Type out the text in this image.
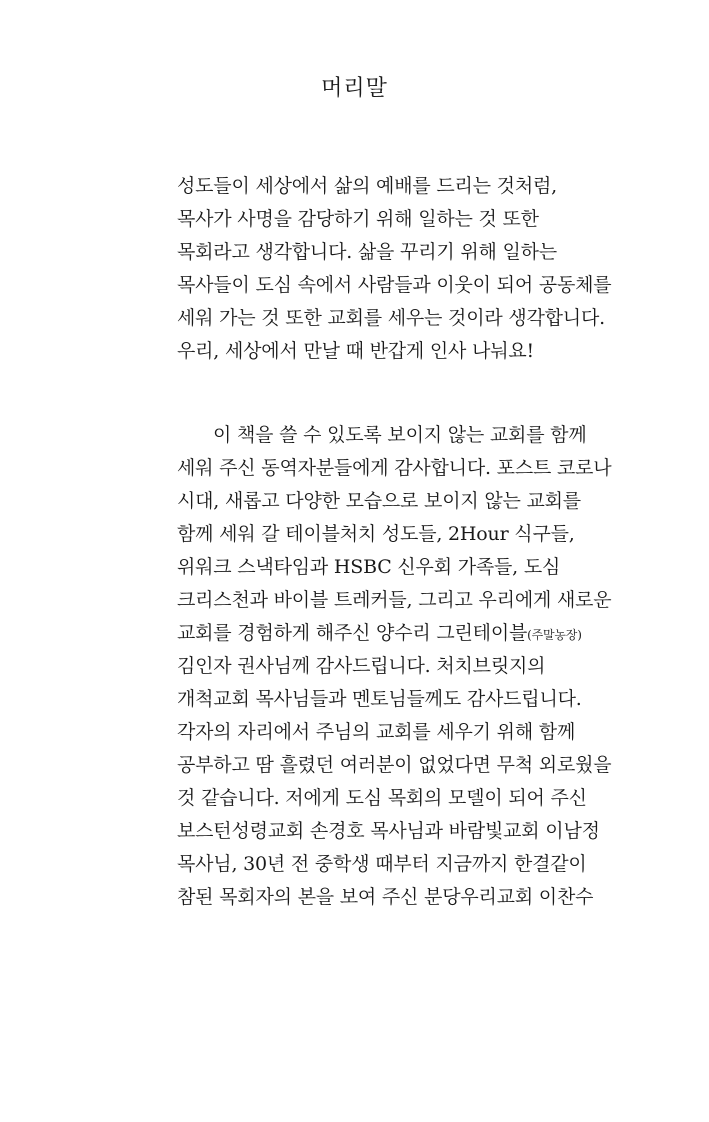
머리말

성도들이 세상에서 삶의 예배를 드리는 것처럼,
목사가 사명을 감당하기 위해 일하는 것 또한
목회라고 생각합니다. 삶을 꾸리기 위해 일하는
목사들이 도심 속에서 사람들과 이웃이 되어 공동체를
세워 가는 것 또한 교회를 세우는 것이라 생각합니다.
우리, 세상에서 만날 때 반갑게 인사 나눠요!

이 책을 쓸 수 있도록 보이지 않는 교회를 함께
세워 주신 동역자분들에게 감사합니다. 포스트 코로나
시대, 새롭고 다양한 모습으로 보이지 않는 교회를
함께 세워 갈 테이블처치 성도들, 2Hour 식구들,
위워크 스낵타임과 HSBC 신우회 가족들, 도심
크리스천과 바이블 트레커들, 그리고 우리에게 새로운
교회를 경험하게 해주신 양수리 그린테이블(주말농장)
김인자 권사님께 감사드립니다. 처치브릿지의
개척교회 목사님들과 멘토님들께도 감사드립니다.
각자의 자리에서 주님의 교회를 세우기 위해 함께
공부하고 땀 흘렸던 여러분이 없었다면 무척 외로웠을
것 같습니다. 저에게 도심 목회의 모델이 되어 주신
보스턴성령교회 손경호 목사님과 바람빛교회 이남정
목사님, 30년 전 중학생 때부터 지금까지 한결같이
참된 목회자의 본을 보여 주신 분당우리교회 이찬수
